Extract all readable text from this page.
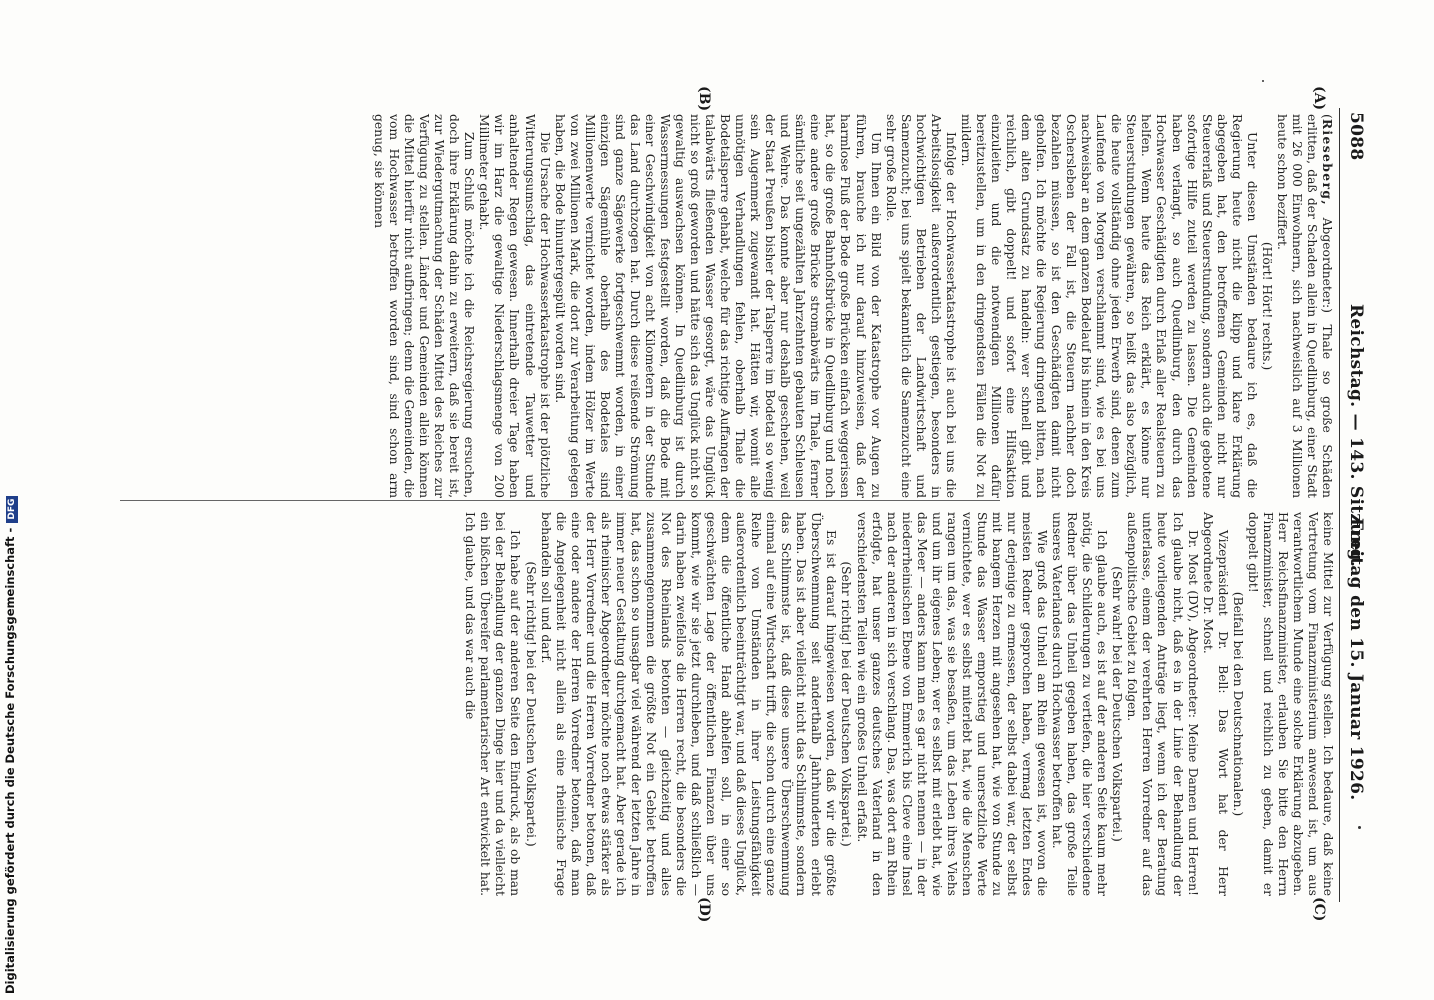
5088
Reichstag. — 143. Sitzung.
Freitag den 15. Januar 1926.
(A)
(B)
(C)
(D)

(Rieseberg, Abgeordneter:) Thale so große Schäden erlitten, daß der Schaden allein in Quedlinburg, einer Stadt mit 26 000 Einwohnern, sich nachweislich auf 3 Millionen heute schon beziffert.

(Hört! Hört! rechts.)

Unter diesen Umständen bedaure ich es, daß die Regierung heute nicht die klipp und klare Erklärung abgegeben hat, den betroffenen Gemeinden nicht nur Steuererlaß und Steuerstundung, sondern auch die gebotene sofortige Hilfe zuteil werden zu lassen. Die Gemeinden haben verlangt, so auch Quedlinburg, den durch das Hochwasser Geschädigten durch Erlaß aller Realsteuern zu helfen. Wenn heute das Reich erklärt, es könne nur Steuerstundungen gewähren, so heißt das also bezüglich, die heute vollständig ohne jeden Erwerb sind, denen zum Laufende von Morgen verschlammt sind, wie es bei uns nachweisbar an dem ganzen Bodelauf bis hinein in den Kreis Oschersleben der Fall ist, die Steuern nachher doch bezahlen müssen, so ist den Geschädigten damit nicht geholfen. Ich möchte die Regierung dringend bitten, nach dem alten Grundsatz zu handeln: wer schnell gibt und reichlich, gibt doppelt! und sofort eine Hilfsaktion einzuleiten und die notwendigen Millionen dafür bereitzustellen, um in den dringendsten Fällen die Not zu mildern.

Infolge der Hochwasserkatastrophe ist auch bei uns die Arbeitslosigkeit außerordentlich gestiegen, besonders in hochwichtigen Betrieben der Landwirtschaft und Samenzucht; bei uns spielt bekanntlich die Samenzucht eine sehr große Rolle.

Um Ihnen ein Bild von der Katastrophe vor Augen zu führen, brauche ich nur darauf hinzuweisen, daß der harmlose Fluß der Bode große Brücken einfach weggerissen hat, so die große Bahnhofsbrücke in Quedlinburg und noch eine andere große Brücke stromabwärts im Thale, ferner sämtliche seit ungezählten Jahrzehnten gebauten Schleusen und Wehre. Das konnte aber nur deshalb geschehen, weil der Staat Preußen bisher der Talsperre im Bodetal so wenig sein Augenmerk zugewandt hat. Hätten wir, womit alle unnötigen Verhandlungen fehlen, oberhalb Thale die Bodetalsperre gehabt, welche für das richtige Auffangen der talabwärts fließenden Wasser gesorgt, wäre das Unglück nicht so groß geworden und hätte sich das Unglück nicht so gewaltig auswachsen können. In Quedlinburg ist durch Wassermessungen festgestellt worden, daß die Bode mit einer Geschwindigkeit von acht Kilometern in der Stunde das Land durchzogen hat. Durch diese reißende Strömung sind ganze Sägewerke fortgeschwemmt worden, in einer einzigen Sägemühle oberhalb des Bodetales sind Millionenwerte vernichtet worden, indem Hölzer im Werte von zwei Millionen Mark, die dort zur Verarbeitung gelegen haben, die Bode hinuntergespült worden sind.

Die Ursache der Hochwasserkatastrophe ist der plötzliche Witterungsumschlag, das eintretende Tauwetter und anhaltender Regen gewesen. Innerhalb dreier Tage haben wir im Harz die gewaltige Niederschlagsmenge von 200 Millimeter gehabt.

Zum Schluß möchte ich die Reichsregierung ersuchen, doch ihre Erklärung dahin zu erweitern, daß sie bereit ist, zur Wiedergutmachung der Schäden Mittel des Reiches zur Verfügung zu stellen. Länder und Gemeinden allein können die Mittel hierfür nicht aufbringen; denn die Gemeinden, die vom Hochwasser betroffen worden sind, sind schon arm genug, sie können

keine Mittel zur Verfügung stellen. Ich bedaure, daß keine Vertretung vom Finanzministerium anwesend ist, um aus verantwortlichem Munde eine solche Erklärung abzugeben. Herr Reichsfinanzminister, erlauben Sie bitte den Herrn Finanzminister, schnell und reichlich zu geben, damit er doppelt gibt!

(Beifall bei den Deutschnationalen.)

Vizepräsident Dr. Bell: Das Wort hat der Herr Abgeordnete Dr. Most.

Dr. Most (DV), Abgeordneter: Meine Damen und Herren! Ich glaube nicht, daß es in der Linie der Behandlung der heute vorliegenden Anträge liegt, wenn ich der Beratung unterlasse, einem der verehrten Herren Vorredner auf das außenpolitische Gebiet zu folgen.

(Sehr wahr! bei der Deutschen Volkspartei.)

Ich glaube auch, es ist auf der anderen Seite kaum mehr nötig, die Schilderungen zu vertiefen, die hier verschiedene Redner über das Unheil gegeben haben, das große Teile unseres Vaterlandes durch Hochwasser betroffen hat.

Wie groß das Unheil am Rhein gewesen ist, wovon die meisten Redner gesprochen haben, vermag letzten Endes nur derjenige zu ermessen, der selbst dabei war, der selbst mit bangem Herzen mit angesehen hat, wie von Stunde zu Stunde das Wasser emporstieg und unersetzliche Werte vernichtete, wer es selbst miterlebt hat, wie die Menschen rangen um das, was sie besaßen, um das Leben ihres Viehs und um ihr eigenes Leben; wer es selbst mit erlebt hat, wie das Meer — anders kann man es gar nicht nennen — in der niederrheinischen Ebene von Emmerich bis Cleve eine Insel nach der anderen in sich verschlang. Das, was dort am Rhein erfolgte, hat unser ganzes deutsches Vaterland in den verschiedensten Teilen wie ein großes Unheil erfaßt.

(Sehr richtig! bei der Deutschen Volkspartei.)

Es ist darauf hingewiesen worden, daß wir die größte Überschwemmung seit anderthalb Jahrhunderten erlebt haben. Das ist aber vielleicht nicht das Schlimmste, sondern das Schlimmste ist, daß diese unsere Überschwemmung einmal auf eine Wirtschaft trifft, die schon durch eine ganze Reihe von Umständen in ihrer Leistungsfähigkeit außerordentlich beeinträchtigt war, und daß dieses Unglück, denn die öffentliche Hand abhelfen soll, in einer so geschwächten Lage der öffentlichen Finanzen über uns kommt, wie wir sie jetzt durchleben, und daß schließlich — darin haben zweifellos die Herren recht, die besonders die Not des Rheinlands betonten — gleichzeitig und alles zusammengenommen die größte Not ein Gebiet betroffen hat, das schon so unsagbar viel während der letzten Jahre in immer neuer Gestaltung durchgemacht hat. Aber gerade ich als rheinischer Abgeordneter möchte noch etwas stärker als der Herr Vorredner und die Herren Vorredner betonen, daß eine oder andere der Herren Vorredner betonen, daß man die Angelegenheit nicht allein als eine rheinische Frage behandeln soll und darf.

(Sehr richtig! bei der Deutschen Volkspartei.)

Ich habe auf der anderen Seite den Eindruck, als ob man bei der Behandlung der ganzen Dinge hier und da vielleicht ein bißchen Übereifer parlamentarischer Art entwickelt hat. Ich glaube, und das war auch die

Digitalisierung gefördert durch die Deutsche Forschungsgemeinschaft -DFG
